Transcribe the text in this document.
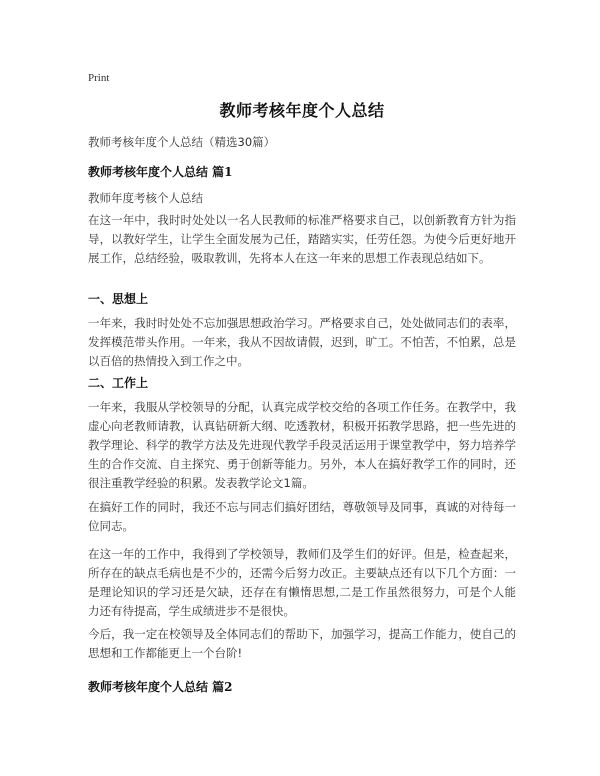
Print
教师考核年度个人总结
教师考核年度个人总结（精选30篇）
教师考核年度个人总结 篇1
教师年度考核个人总结
在这一年中，我时时处处以一名人民教师的标准严格要求自己，以创新教育方针为指导，以教好学生，让学生全面发展为己任，踏踏实实，任劳任怨。为使今后更好地开展工作，总结经验，吸取教训，先将本人在这一年来的思想工作表现总结如下。
一、思想上
一年来，我时时处处不忘加强思想政治学习。严格要求自己，处处做同志们的表率，发挥模范带头作用。一年来，我从不因故请假，迟到，旷工。不怕苦，不怕累，总是以百倍的热情投入到工作之中。
二、工作上
一年来，我服从学校领导的分配，认真完成学校交给的各项工作任务。在教学中，我虚心向老教师请教，认真钻研新大纲、吃透教材，积极开拓教学思路，把一些先进的教学理论、科学的教学方法及先进现代教学手段灵活运用于课堂教学中，努力培养学生的合作交流、自主探究、勇于创新等能力。另外，本人在搞好教学工作的同时，还很注重教学经验的积累。发表教学论文1篇。
在搞好工作的同时，我还不忘与同志们搞好团结，尊敬领导及同事，真诚的对待每一位同志。
在这一年的工作中，我得到了学校领导，教师们及学生们的好评。但是，检查起来，所存在的缺点毛病也是不少的，还需今后努力改正。主要缺点还有以下几个方面：一是理论知识的学习还是欠缺，还存在有懒惰思想,二是工作虽然很努力，可是个人能力还有待提高，学生成绩进步不是很快。
今后，我一定在校领导及全体同志们的帮助下，加强学习，提高工作能力，使自己的思想和工作都能更上一个台阶!
教师考核年度个人总结 篇2
